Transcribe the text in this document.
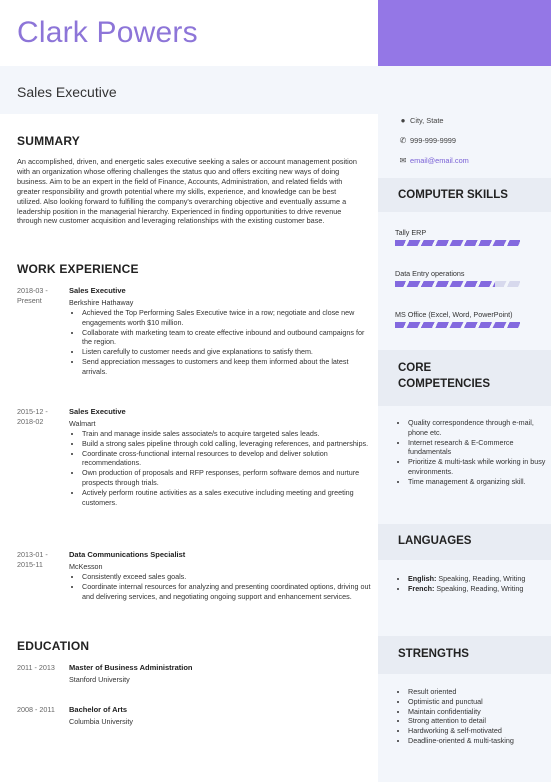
Clark Powers
Sales Executive
SUMMARY
An accomplished, driven, and energetic sales executive seeking a sales or account management position with an organization whose offering challenges the status quo and offers exciting new ways of doing business. Aim to be an expert in the field of Finance, Accounts, Administration, and related fields with greater responsibility and growth potential where my skills, experience, and knowledge can be best utilized. Also looking forward to fulfilling the company's overarching objective and eventually assume a leadership position in the managerial hierarchy. Experienced in finding opportunities to drive revenue through new customer acquisition and leveraging relationships with the existing customer base.
WORK EXPERIENCE
2018-03 - Present
Sales Executive
Berkshire Hathaway
• Achieved the Top Performing Sales Executive twice in a row; negotiate and close new engagements worth $10 million.
• Collaborate with marketing team to create effective inbound and outbound campaigns for the region.
• Listen carefully to customer needs and give explanations to satisfy them.
• Send appreciation messages to customers and keep them informed about the latest arrivals.
2015-12 - 2018-02
Sales Executive
Walmart
• Train and manage inside sales associate/s to acquire targeted sales leads.
• Build a strong sales pipeline through cold calling, leveraging references, and partnerships.
• Coordinate cross-functional internal resources to develop and deliver solution recommendations.
• Own production of proposals and RFP responses, perform software demos and nurture prospects through trials.
• Actively perform routine activities as a sales executive including meeting and greeting customers.
2013-01 - 2015-11
Data Communications Specialist
McKesson
• Consistently exceed sales goals.
• Coordinate internal resources for analyzing and presenting coordinated options, driving out and delivering services, and negotiating ongoing support and enhancement services.
EDUCATION
2011 - 2013 Master of Business Administration
Stanford University
2008 - 2011 Bachelor of Arts
Columbia University
● City, State
✆ 999-999-9999
✉ email@email.com
COMPUTER SKILLS
Tally ERP
Data Entry operations
MS Office (Excel, Word, PowerPoint)
CORE
COMPETENCIES
• Quality correspondence through e-mail, phone etc.
• Internet research & E-Commerce fundamentals
• Prioritize & multi-task while working in busy environments.
• Time management & organizing skill.
LANGUAGES
• English: Speaking, Reading, Writing
• French: Speaking, Reading, Writing
STRENGTHS
• Result oriented
• Optimistic and punctual
• Maintain confidentiality
• Strong attention to detail
• Hardworking & self-motivated
• Deadline-oriented & multi-tasking
